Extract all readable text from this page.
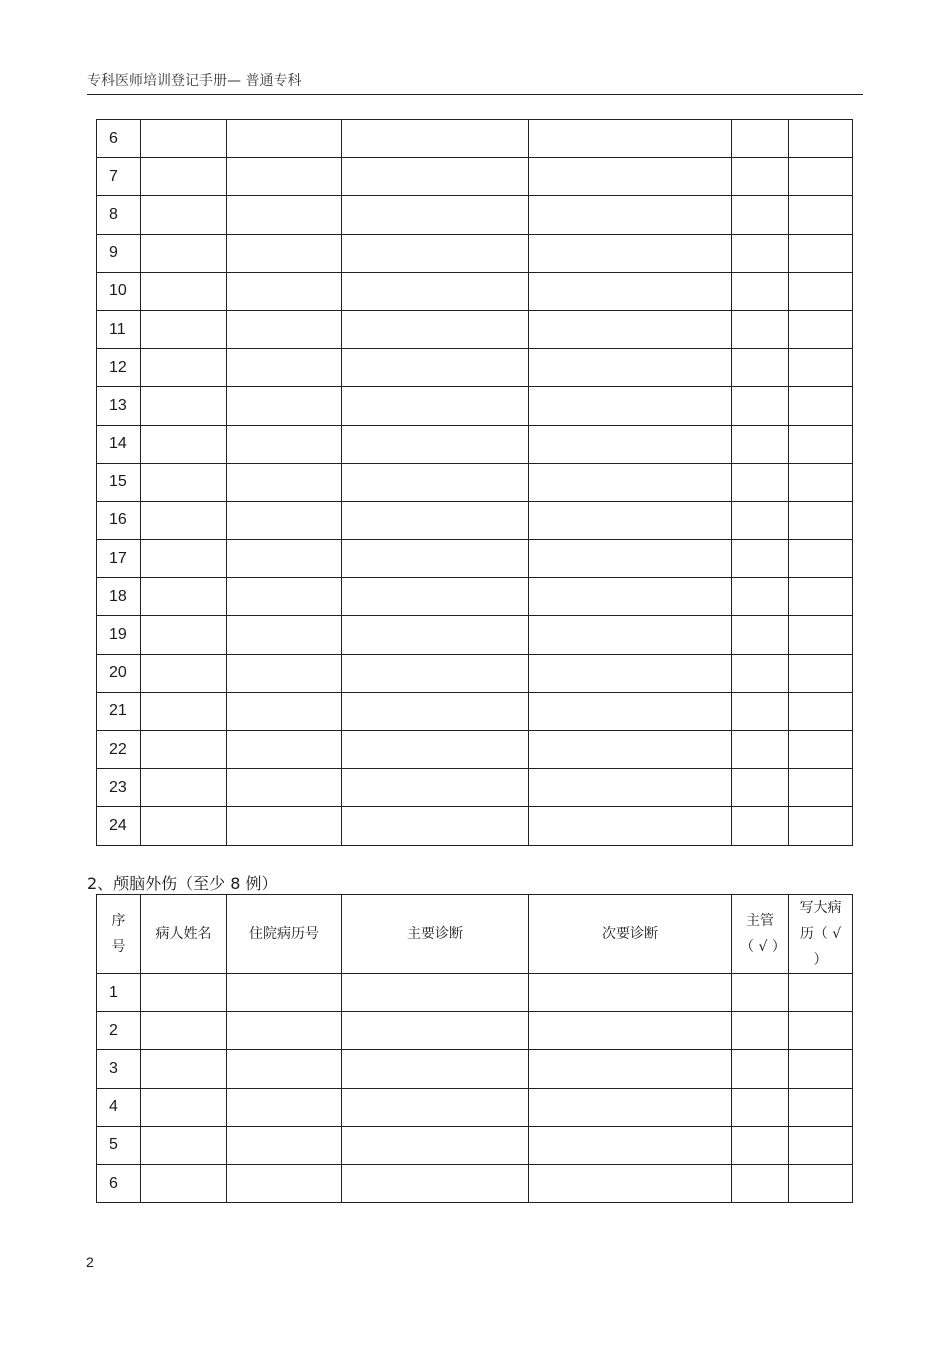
专科医师培训登记手册— 普通专科
6						
7						
8						
9						
10						
11						
12						
13						
14						
15						
16						
17						
18						
19						
20						
21						
22						
23						
24						
2、颅脑外伤（至少 8 例）
序号	病人姓名	住院病历号	主要诊断	次要诊断	主管（ √ ）	写大病历（ √ ）
1						
2						
3						
4						
5						
6						
2
